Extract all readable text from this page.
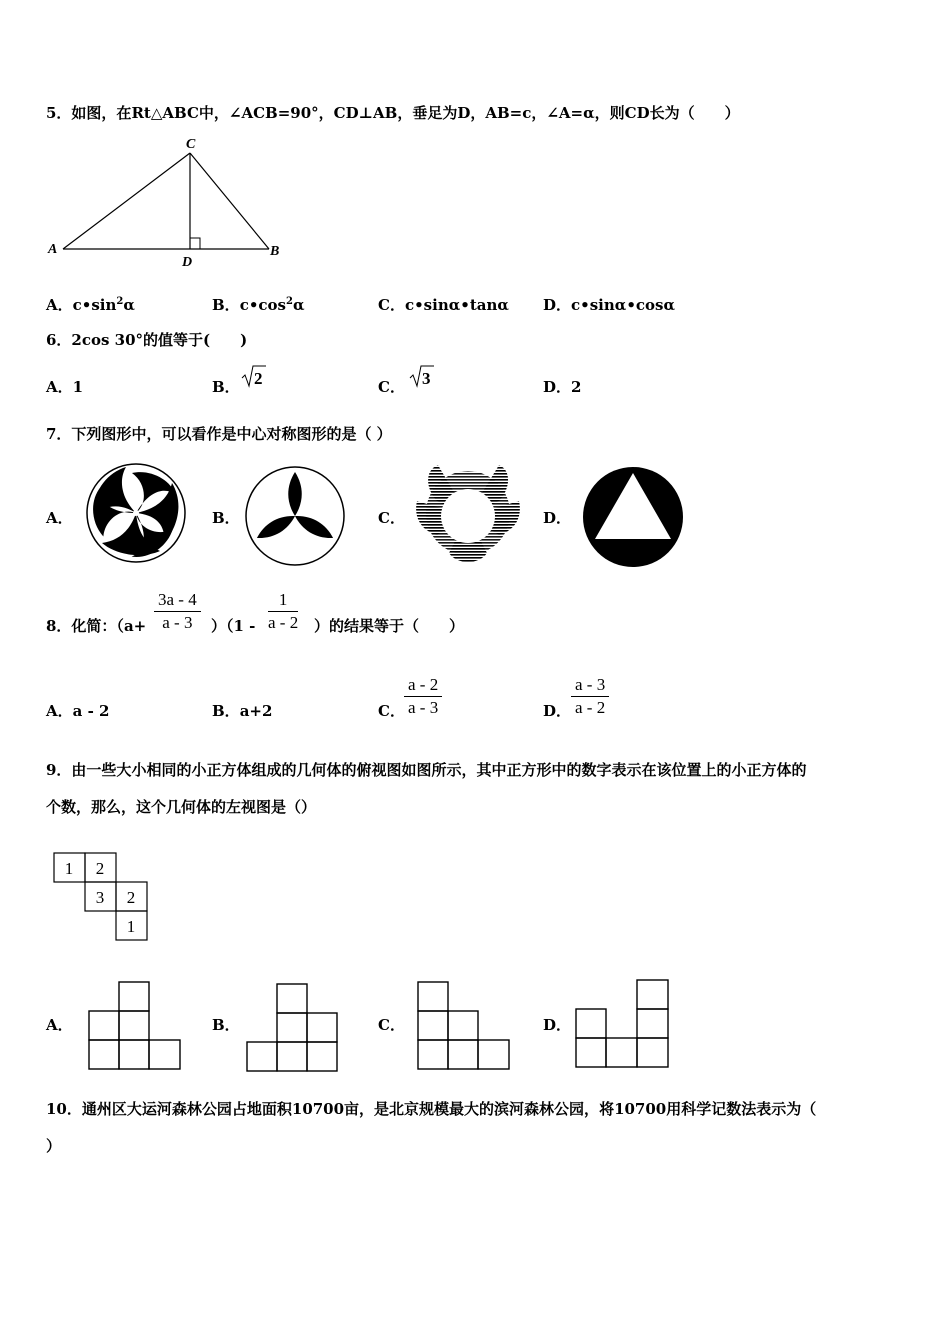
5．如图，在Rt△ABC中，∠ACB=90°，CD⊥AB，垂足为D，AB=c，∠A=α，则CD长为（　　）
A	B
C
D
A．$c•\sin^2\alpha$	B．$c•\cos^2\alpha$	C．c•sinα•tanα D．c•sinα•cosα
6．2cos 30°的值等于(　　)
A．1	B． 2	C． 3	D．2
7．下列图形中，可以看作是中心对称图形的是（ ）
A．	B．	C．	D．
8．化简：$(a+ \frac{3a - 4}{a - 3} )(1 - \frac{1}{a - 2}$ ）的结果等于（　　）
A．a - 2	B．a+2	C． $\frac{a - 2}{a - 3}$	D． $\frac{a - 3}{a - 2}$
9．由一些大小相同的小正方体组成的几何体的俯视图如图所示，其中正方形中的数字表示在该位置上的小正方体的
个数，那么，这个几何体的左视图是（）
1 2
3 2
1
A．	B．	C．	D．
10．通州区大运河森林公园占地面积10700亩，是北京规模最大的滨河森林公园，将10700用科学记数法表示为（
）
